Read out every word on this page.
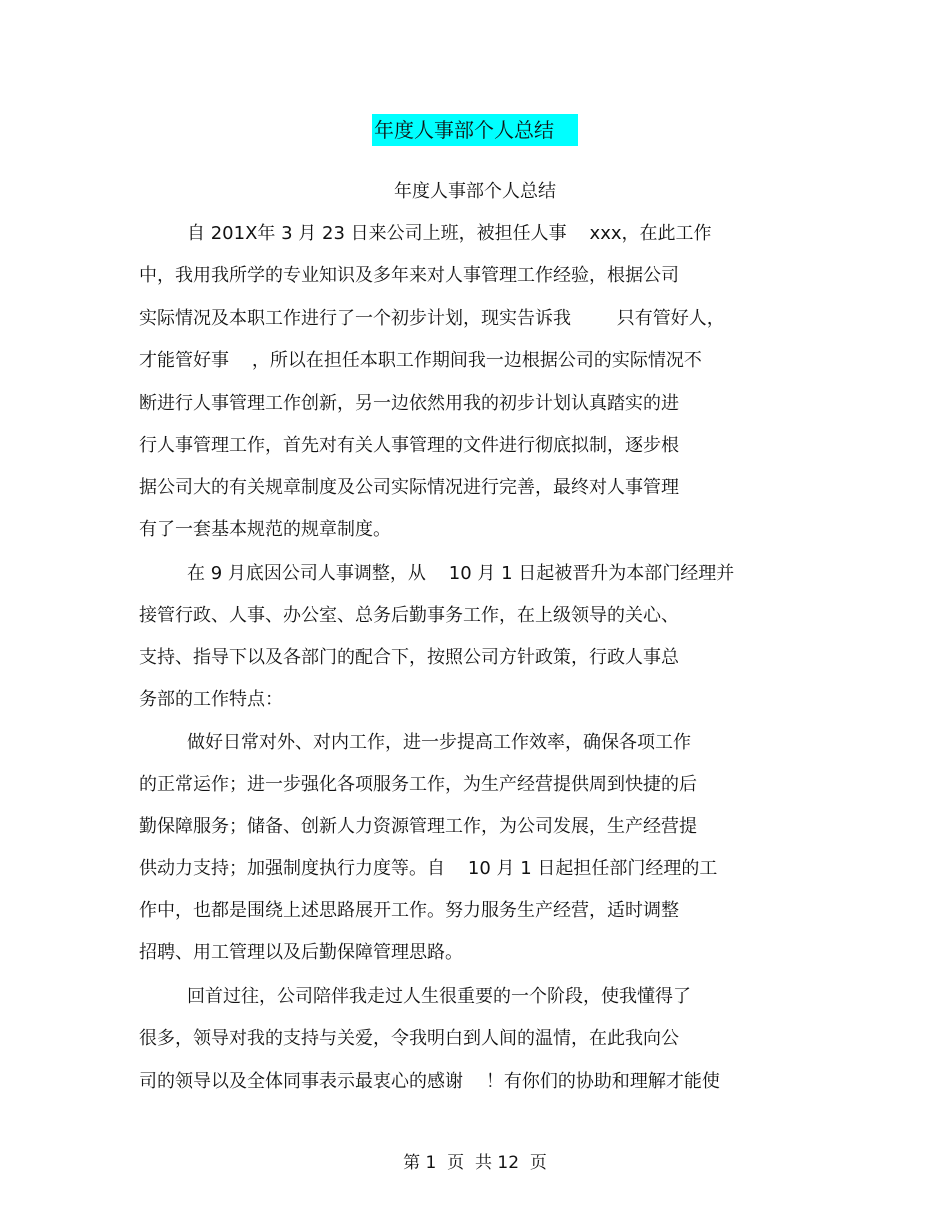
年度人事部个人总结
年度人事部个人总结
自 201X年 3 月 23 日来公司上班，被担任人事    xxx，在此工作
中，我用我所学的专业知识及多年来对人事管理工作经验，根据公司
实际情况及本职工作进行了一个初步计划，现实告诉我        只有管好人，
才能管好事    ，所以在担任本职工作期间我一边根据公司的实际情况不
断进行人事管理工作创新，另一边依然用我的初步计划认真踏实的进
行人事管理工作，首先对有关人事管理的文件进行彻底拟制，逐步根
据公司大的有关规章制度及公司实际情况进行完善，最终对人事管理
有了一套基本规范的规章制度。
在 9 月底因公司人事调整，从    10 月 1 日起被晋升为本部门经理并
接管行政、人事、办公室、总务后勤事务工作，在上级领导的关心、
支持、指导下以及各部门的配合下，按照公司方针政策，行政人事总
务部的工作特点：
做好日常对外、对内工作，进一步提高工作效率，确保各项工作
的正常运作；进一步强化各项服务工作，为生产经营提供周到快捷的后
勤保障服务；储备、创新人力资源管理工作，为公司发展，生产经营提
供动力支持；加强制度执行力度等。自    10 月 1 日起担任部门经理的工
作中，也都是围绕上述思路展开工作。努力服务生产经营，适时调整
招聘、用工管理以及后勤保障管理思路。
回首过往，公司陪伴我走过人生很重要的一个阶段，使我懂得了
很多，领导对我的支持与关爱，令我明白到人间的温情，在此我向公
司的领导以及全体同事表示最衷心的感谢    ！有你们的协助和理解才能使
第 1  页  共 12  页
